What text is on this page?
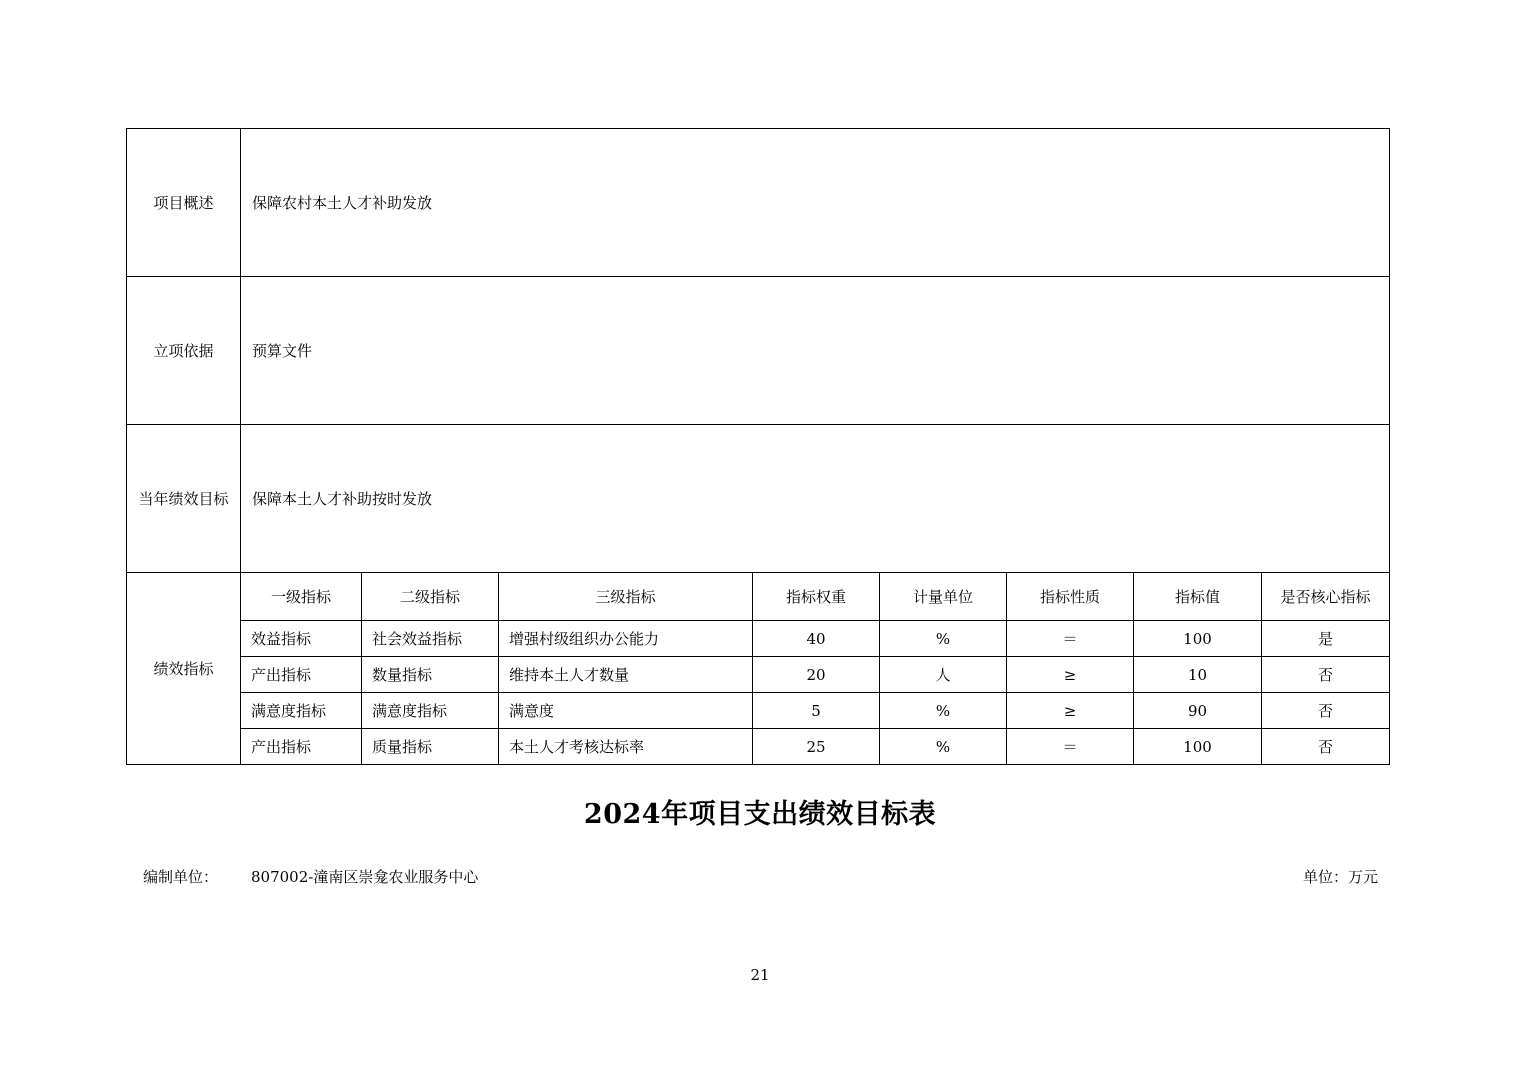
项目概述	保障农村本土人才补助发放							
立项依据	预算文件							
当年绩效目标	保障本土人才补助按时发放							
绩效指标	一级指标	二级指标	三级指标	指标权重	计量单位	指标性质	指标值	是否核心指标
	效益指标	社会效益指标	增强村级组织办公能力	40	%	＝	100	是
	产出指标	数量指标	维持本土人才数量	20	人	≥	10	否
	满意度指标	满意度指标	满意度	5	%	≥	90	否
	产出指标	质量指标	本土人才考核达标率	25	%	＝	100	否
2024年项目支出绩效目标表
编制单位： 807002-潼南区崇龛农业服务中心	单位：万元
21
